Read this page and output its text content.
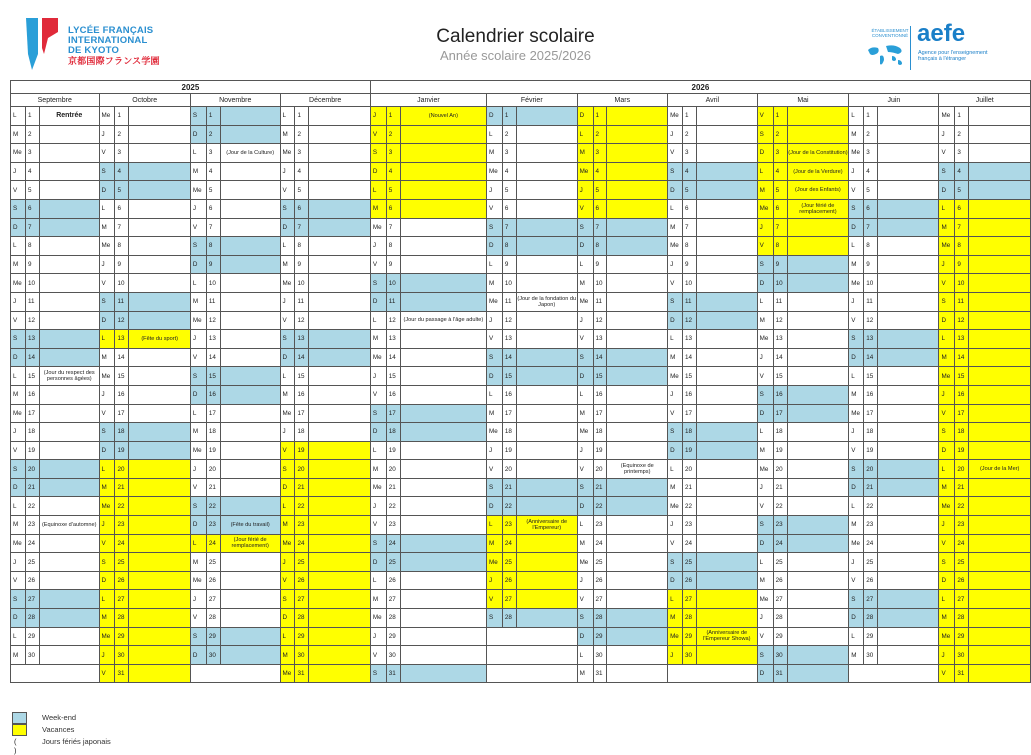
LYCÉE FRANÇAIS
INTERNATIONAL
DE KYOTO
京都国際フランス学園
Calendrier scolaire
Année scolaire 2025/2026
ÉTABLISSEMENT CONVENTIONNÉ aefe
Agence pour l'enseignement français à l'étranger
2025												2026																				
Septembre			Octobre			Novembre			Décembre			Janvier			Février			Mars			Avril			Mai			Juin			Juillet		
L	1	Rentrée	Me	1		S	1		L	1		J	1	(Nouvel An)	D	1		D	1		Me	1		V	1		L	1		Me	1	
M	2		J	2		D	2		M	2		V	2		L	2		L	2		J	2		S	2		M	2		J	2	
Me	3		V	3		L	3	(Jour de la Culture)	Me	3		S	3		M	3		M	3		V	3		D	3	(Jour de la Constitution)	Me	3		V	3	
J	4		S	4		M	4		J	4		D	4		Me	4		Me	4		S	4		L	4	(Jour de la Verdure)	J	4		S	4	
V	5		D	5		Me	5		V	5		L	5		J	5		J	5		D	5		M	5	(Jour des Enfants)	V	5		D	5	
S	6		L	6		J	6		S	6		M	6		V	6		V	6		L	6		Me	6	(Jour férié de remplacement)	S	6		L	6	
D	7		M	7		V	7		D	7		Me	7		S	7		S	7		M	7		J	7		D	7		M	7	
L	8		Me	8		S	8		L	8		J	8		D	8		D	8		Me	8		V	8		L	8		Me	8	
M	9		J	9		D	9		M	9		V	9		L	9		L	9		J	9		S	9		M	9		J	9	
Me	10		V	10		L	10		Me	10		S	10		M	10		M	10		V	10		D	10		Me	10		V	10	
J	11		S	11		M	11		J	11		D	11		Me	11	(Jour de la fondation du Japon)	Me	11		S	11		L	11		J	11		S	11	
V	12		D	12		Me	12		V	12		L	12	(Jour du passage à l'âge adulte)	J	12		J	12		D	12		M	12		V	12		D	12	
S	13		L	13	(Fête du sport)	J	13		S	13		M	13		V	13		V	13		L	13		Me	13		S	13		L	13	
D	14		M	14		V	14		D	14		Me	14		S	14		S	14		M	14		J	14		D	14		M	14	
L	15	(Jour du respect des personnes âgées)	Me	15		S	15		L	15		J	15		D	15		D	15		Me	15		V	15		L	15		Me	15	
M	16		J	16		D	16		M	16		V	16		L	16		L	16		J	16		S	16		M	16		J	16	
Me	17		V	17		L	17		Me	17		S	17		M	17		M	17		V	17		D	17		Me	17		V	17	
J	18		S	18		M	18		J	18		D	18		Me	18		Me	18		S	18		L	18		J	18		S	18	
V	19		D	19		Me	19		V	19		L	19		J	19		J	19		D	19		M	19		V	19		D	19	
S	20		L	20		J	20		S	20		M	20		V	20		V	20	(Equinoxe de printemps)	L	20		Me	20		S	20		L	20	(Jour de la Mer)
D	21		M	21		V	21		D	21		Me	21		S	21		S	21		M	21		J	21		D	21		M	21	
L	22		Me	22		S	22		L	22		J	22		D	22		D	22		Me	22		V	22		L	22		Me	22	
M	23	(Equinoxe d'automne)	J	23		D	23	(Fête du travail)	M	23		V	23		L	23	(Anniversaire de l'Empereur)	L	23		J	23		S	23		M	23		J	23	
Me	24		V	24		L	24	(Jour férié de remplacement)	Me	24		S	24		M	24		M	24		V	24		D	24		Me	24		V	24	
J	25		S	25		M	25		J	25		D	25		Me	25		Me	25		S	25		L	25		J	25		S	25	
V	26		D	26		Me	26		V	26		L	26		J	26		J	26		D	26		M	26		V	26		D	26	
S	27		L	27		J	27		S	27		M	27		V	27		V	27		L	27		Me	27		S	27		L	27	
D	28		M	28		V	28		D	28		Me	28		S	28		S	28		M	28		J	28		D	28		M	28	
L	29		Me	29		S	29		L	29		J	29					D	29		Me	29	(Anniversaire de l'Empereur Showa)	V	29		L	29		Me	29	
M	30		J	30		D	30		M	30		V	30					L	30		J	30		S	30		M	30		J	30	
			V	31					Me	31		S	31					M	31					D	31					V	31	
Week-end
Vacances
( )
Jours fériés japonais
